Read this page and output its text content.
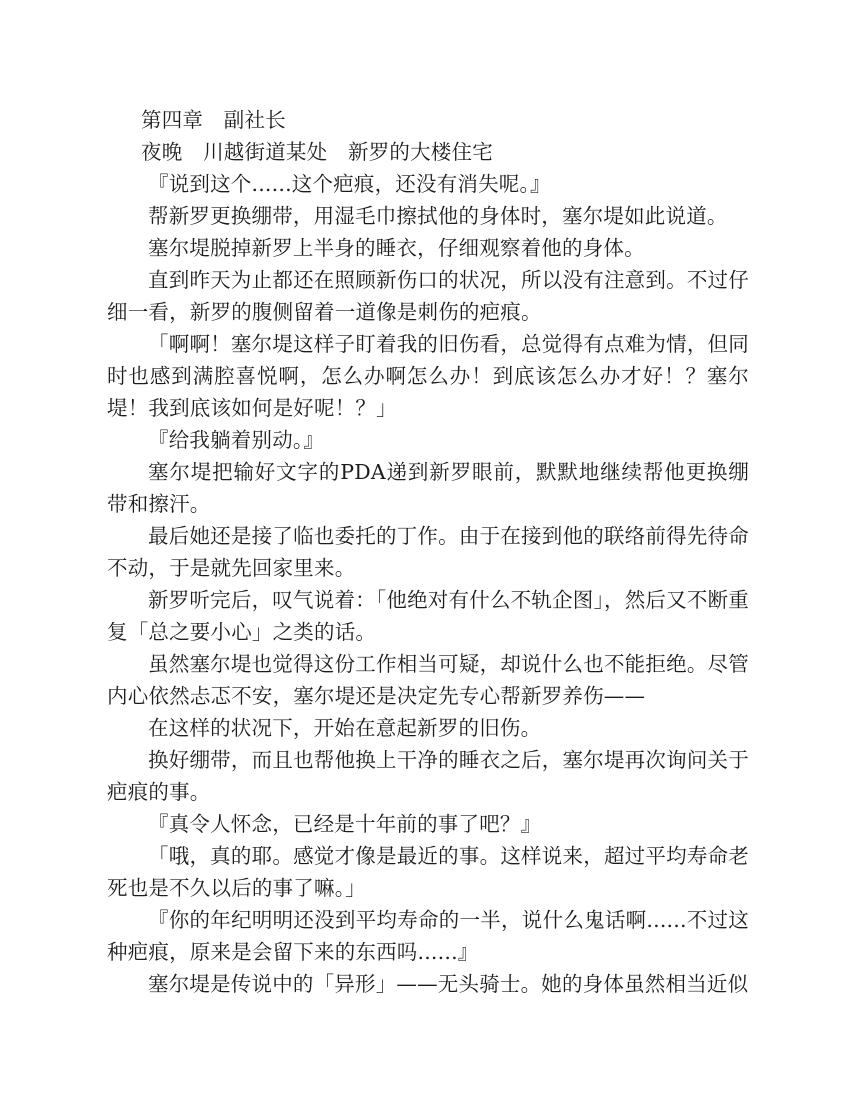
第四章　副社长

夜晚　川越街道某处　新罗的大楼住宅

『说到这个......这个疤痕，还没有消失呢。』

帮新罗更换绷带，用湿毛巾擦拭他的身体时，塞尔堤如此说道。

塞尔堤脱掉新罗上半身的睡衣，仔细观察着他的身体。

直到昨天为止都还在照顾新伤口的状况，所以没有注意到。不过仔细一看，新罗的腹侧留着一道像是刺伤的疤痕。

「啊啊！塞尔堤这样子盯着我的旧伤看，总觉得有点难为情，但同时也感到满腔喜悦啊，怎么办啊怎么办！到底该怎么办才好！？塞尔堤！我到底该如何是好呢！？」

『给我躺着别动。』

塞尔堤把输好文字的PDA递到新罗眼前，默默地继续帮他更换绷带和擦汗。

最后她还是接了临也委托的丁作。由于在接到他的联络前得先待命不动，于是就先回家里来。

新罗听完后，叹气说着：「他绝对有什么不轨企图」，然后又不断重复「总之要小心」之类的话。

虽然塞尔堤也觉得这份工作相当可疑，却说什么也不能拒绝。尽管内心依然忐忑不安，塞尔堤还是决定先专心帮新罗养伤——

在这样的状况下，开始在意起新罗的旧伤。

换好绷带，而且也帮他换上干净的睡衣之后，塞尔堤再次询问关于疤痕的事。

『真令人怀念，已经是十年前的事了吧？』

「哦，真的耶。感觉才像是最近的事。这样说来，超过平均寿命老死也是不久以后的事了嘛。」

『你的年纪明明还没到平均寿命的一半，说什么鬼话啊......不过这种疤痕，原来是会留下来的东西吗......』

塞尔堤是传说中的「异形」——无头骑士。她的身体虽然相当近似
